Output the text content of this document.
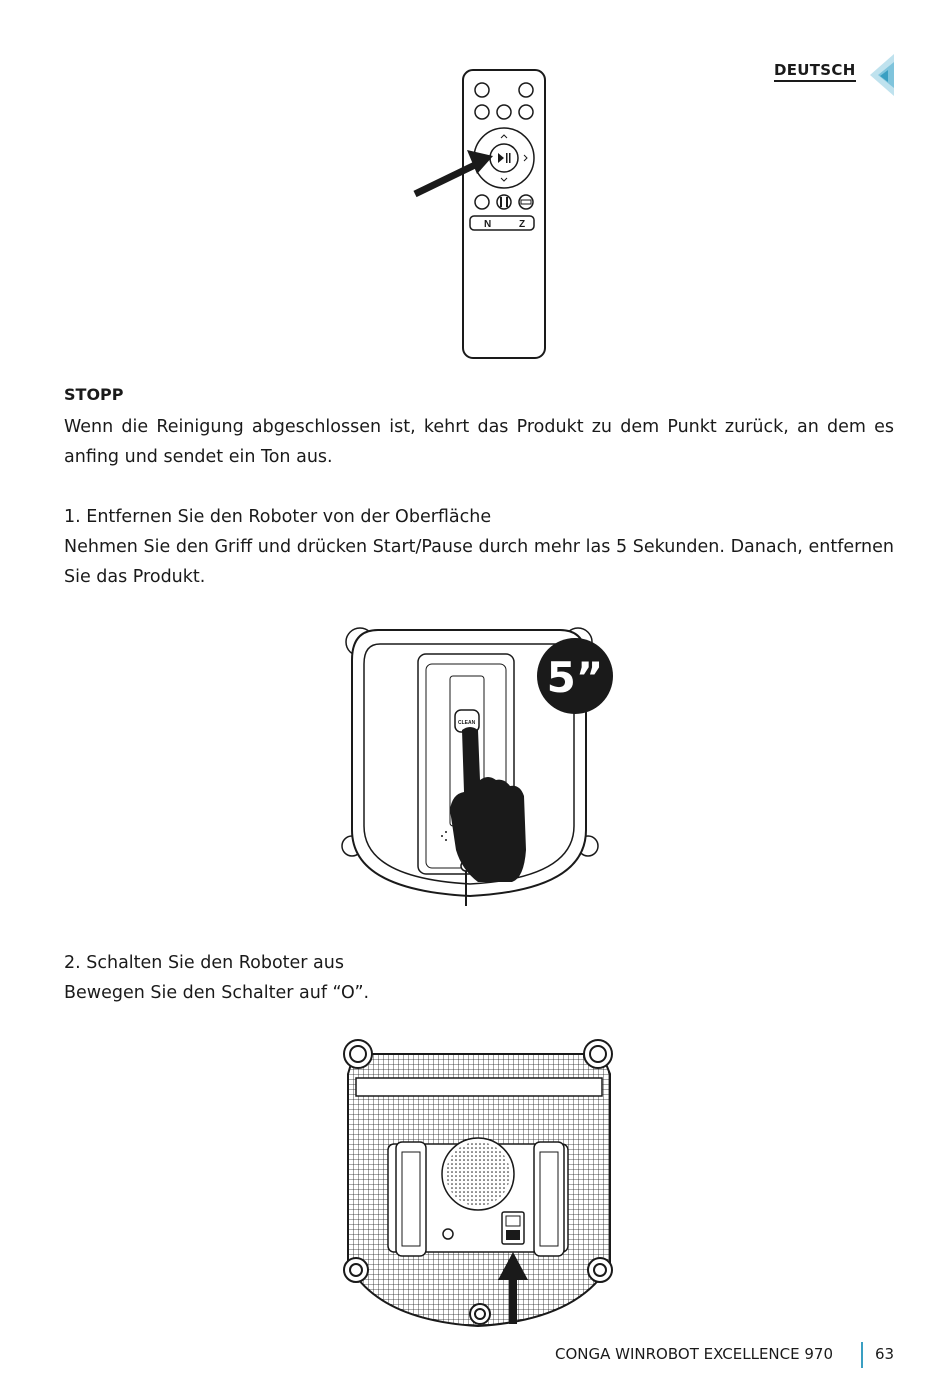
DEUTSCH
N	Z
STOPP
Wenn die Reinigung abgeschlossen ist, kehrt das Produkt zu dem Punkt zurück, an dem es anfing und sendet ein Ton aus.
1. Entfernen Sie den Roboter von der Oberfläche
Nehmen Sie den Griff und drücken Start/Pause durch mehr las 5 Sekunden. Danach, entfernen Sie das Produkt.
CLEAN
5”
2. Schalten Sie den Roboter aus
Bewegen Sie den Schalter auf “O”.
CONGA WINROBOT EXCELLENCE 970	63
